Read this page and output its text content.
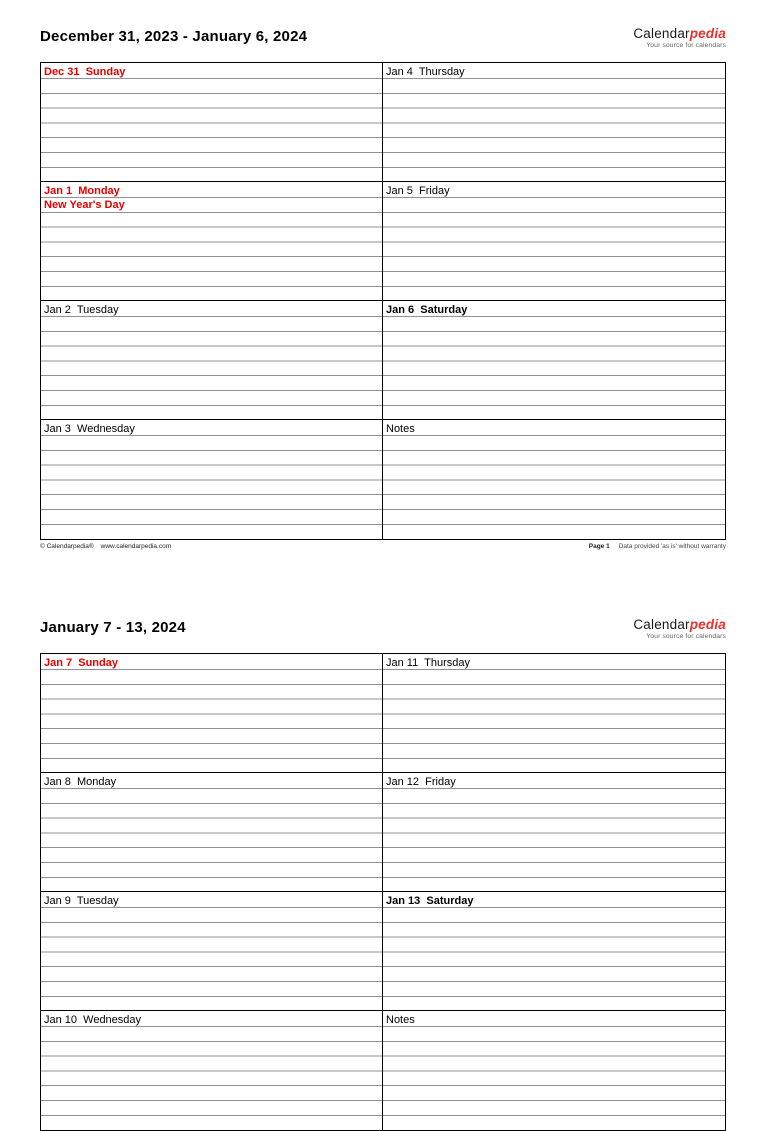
December 31, 2023 - January 6, 2024	Calendarpedia
Your source for calendars
Dec 31  Sunday
Jan 1  Monday
New Year's Day
Jan 2  Tuesday
Jan 3  Wednesday
Jan 4  Thursday
Jan 5  Friday
Jan 6  Saturday
Notes
© Calendarpedia® www.calendarpedia.com	Page 1 Data provided 'as is' without warranty
January 7 - 13, 2024	Calendarpedia
Your source for calendars
Jan 7  Sunday
Jan 8  Monday
Jan 9  Tuesday
Jan 10  Wednesday
Jan 11  Thursday
Jan 12  Friday
Jan 13  Saturday
Notes
